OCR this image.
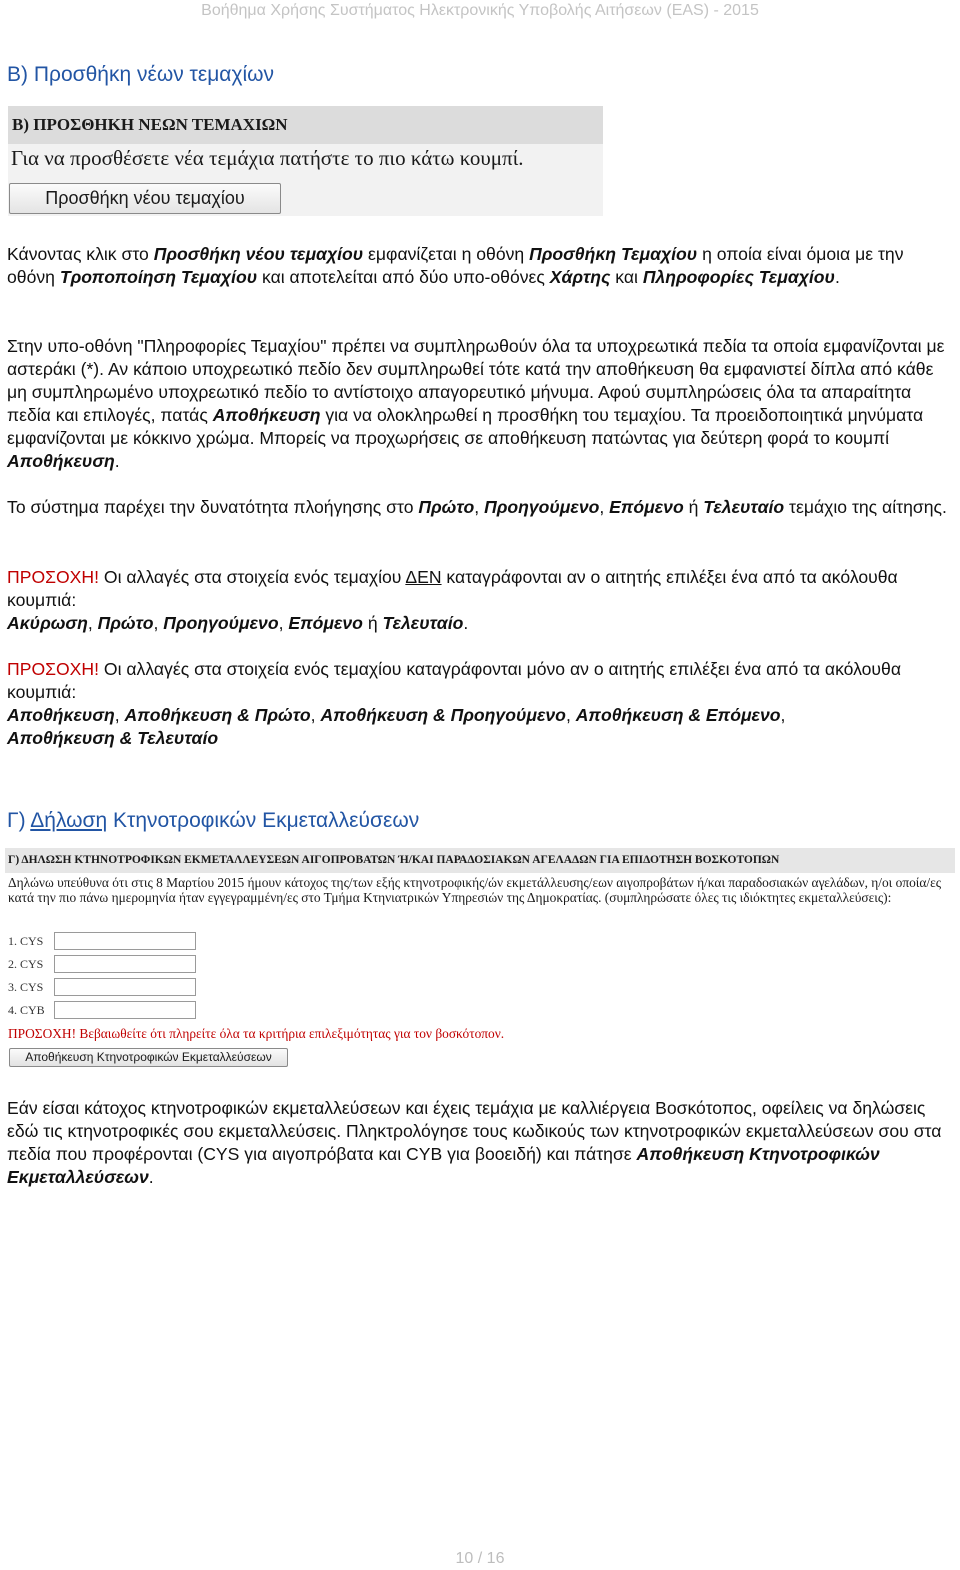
Βοήθημα Χρήσης Συστήματος Ηλεκτρονικής Υποβολής Αιτήσεων (EAS) - 2015
B) Προσθήκη νέων τεμαχίων
Β) ΠΡΟΣΘΗΚΗ ΝΕΩΝ ΤΕΜΑΧΙΩΝ
Για να προσθέσετε νέα τεμάχια πατήστε το πιο κάτω κουμπί.
Προσθήκη νέου τεμαχίου

Κάνοντας κλικ στο Προσθήκη νέου τεμαχίου εμφανίζεται η οθόνη Προσθήκη Τεμαχίου η οποία είναι όμοια με την οθόνη Τροποποίηση Τεμαχίου και αποτελείται από δύο υπο-οθόνες Χάρτης και Πληροφορίες Τεμαχίου.

Στην υπο-οθόνη "Πληροφορίες Τεμαχίου" πρέπει να συμπληρωθούν όλα τα υποχρεωτικά πεδία τα οποία εμφανίζονται με αστεράκι (*). Αν κάποιο υποχρεωτικό πεδίο δεν συμπληρωθεί τότε κατά την αποθήκευση θα εμφανιστεί δίπλα από κάθε μη συμπληρωμένο υποχρεωτικό πεδίο το αντίστοιχο απαγορευτικό μήνυμα. Αφού συμπληρώσεις όλα τα απαραίτητα πεδία και επιλογές, πατάς Αποθήκευση για να ολοκληρωθεί η προσθήκη του τεμαχίου. Τα προειδοποιητικά μηνύματα εμφανίζονται με κόκκινο χρώμα. Μπορείς να προχωρήσεις σε αποθήκευση πατώντας για δεύτερη φορά το κουμπί Αποθήκευση.

Το σύστημα παρέχει την δυνατότητα πλοήγησης στο Πρώτο, Προηγούμενο, Επόμενο ή Τελευταίο τεμάχιο της αίτησης.

ΠΡΟΣΟΧΗ! Οι αλλαγές στα στοιχεία ενός τεμαχίου ΔΕΝ καταγράφονται αν ο αιτητής επιλέξει ένα από τα ακόλουθα κουμπιά:
Ακύρωση, Πρώτο, Προηγούμενο, Επόμενο ή Τελευταίο.

ΠΡΟΣΟΧΗ! Οι αλλαγές στα στοιχεία ενός τεμαχίου καταγράφονται μόνο αν ο αιτητής επιλέξει ένα από τα ακόλουθα κουμπιά:
Αποθήκευση, Αποθήκευση & Πρώτο, Αποθήκευση & Προηγούμενο, Αποθήκευση & Επόμενο,
Αποθήκευση & Τελευταίο

Γ) Δήλωση Κτηνοτροφικών Εκμεταλλεύσεων
Γ) ΔΗΛΩΣΗ ΚΤΗΝΟΤΡΟΦΙΚΩΝ ΕΚΜΕΤΑΛΛΕΥΣΕΩΝ ΑΙΓΟΠΡΟΒΑΤΩΝ Ή/ΚΑΙ ΠΑΡΑΔΟΣΙΑΚΩΝ ΑΓΕΛΑΔΩΝ ΓΙΑ ΕΠΙΔΟΤΗΣΗ ΒΟΣΚΟΤΟΠΩΝ
Δηλώνω υπεύθυνα ότι στις 8 Μαρτίου 2015 ήμουν κάτοχος της/των εξής κτηνοτροφικής/ών εκμετάλλευσης/εων αιγοπροβάτων ή/και παραδοσιακών αγελάδων, η/οι οποία/ες κατά την πιο πάνω ημερομηνία ήταν εγγεγραμμένη/ες στο Τμήμα Κτηνιατρικών Υπηρεσιών της Δημοκρατίας. (συμπληρώσατε όλες τις ιδιόκτητες εκμεταλλεύσεις):
1. CYS
2. CYS
3. CYS
4. CYB
ΠΡΟΣΟΧΗ! Βεβαιωθείτε ότι πληρείτε όλα τα κριτήρια επιλεξιμότητας για τον βοσκότοπον.
Αποθήκευση Κτηνοτροφικών Εκμεταλλεύσεων

Εάν είσαι κάτοχος κτηνοτροφικών εκμεταλλεύσεων και έχεις τεμάχια με καλλιέργεια Βοσκότοπος, οφείλεις να δηλώσεις εδώ τις κτηνοτροφικές σου εκμεταλλεύσεις. Πληκτρολόγησε τους κωδικούς των κτηνοτροφικών εκμεταλλεύσεων σου στα πεδία που προφέρονται (CYS για αιγοπρόβατα και CYB για βοοειδή) και πάτησε Αποθήκευση Κτηνοτροφικών Εκμεταλλεύσεων.

10 / 16
